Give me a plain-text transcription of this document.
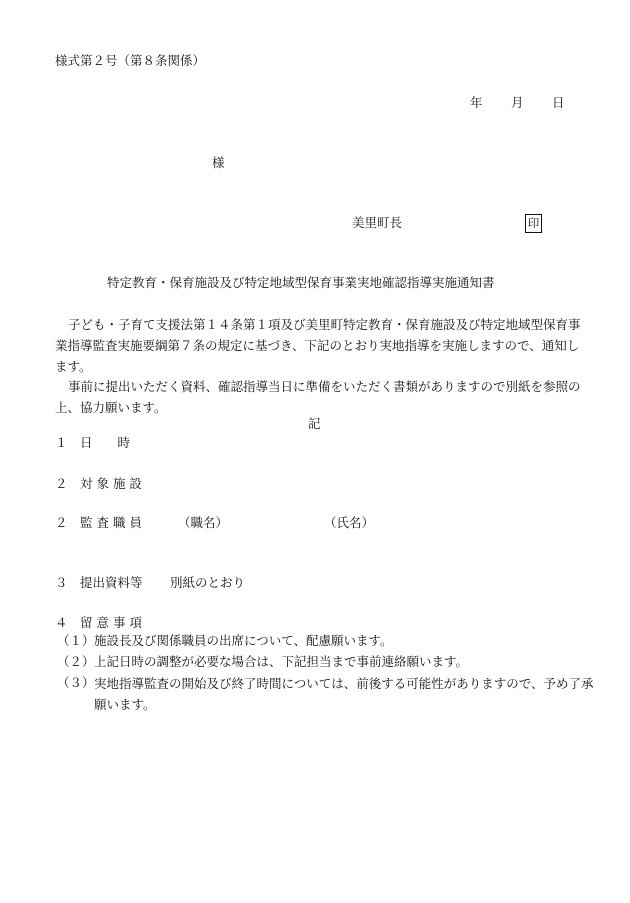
様式第２号（第８条関係）
年 月 日
様
美里町長	印
特定教育・保育施設及び特定地域型保育事業実地確認指導実施通知書
子ども・子育て支援法第１４条第１項及び美里町特定教育・保育施設及び特定地域型保育事業指導監査実施要綱第７条の規定に基づき、下記のとおり実地指導を実施しますので、通知します。
事前に提出いただく資料、確認指導当日に準備をいただく書類がありますので別紙を参照の上、協力願います。
記
１ 日　　時
２ 対 象 施 設
２ 監 査 職 員	（職名）	（氏名）
３ 提出資料等 別紙のとおり
４ 留 意 事 項
（１） 施設長及び関係職員の出席について、配慮願います。
（２） 上記日時の調整が必要な場合は、下記担当まで事前連絡願います。
（３） 実地指導監査の開始及び終了時間については、前後する可能性がありますので、予め了承願います。
